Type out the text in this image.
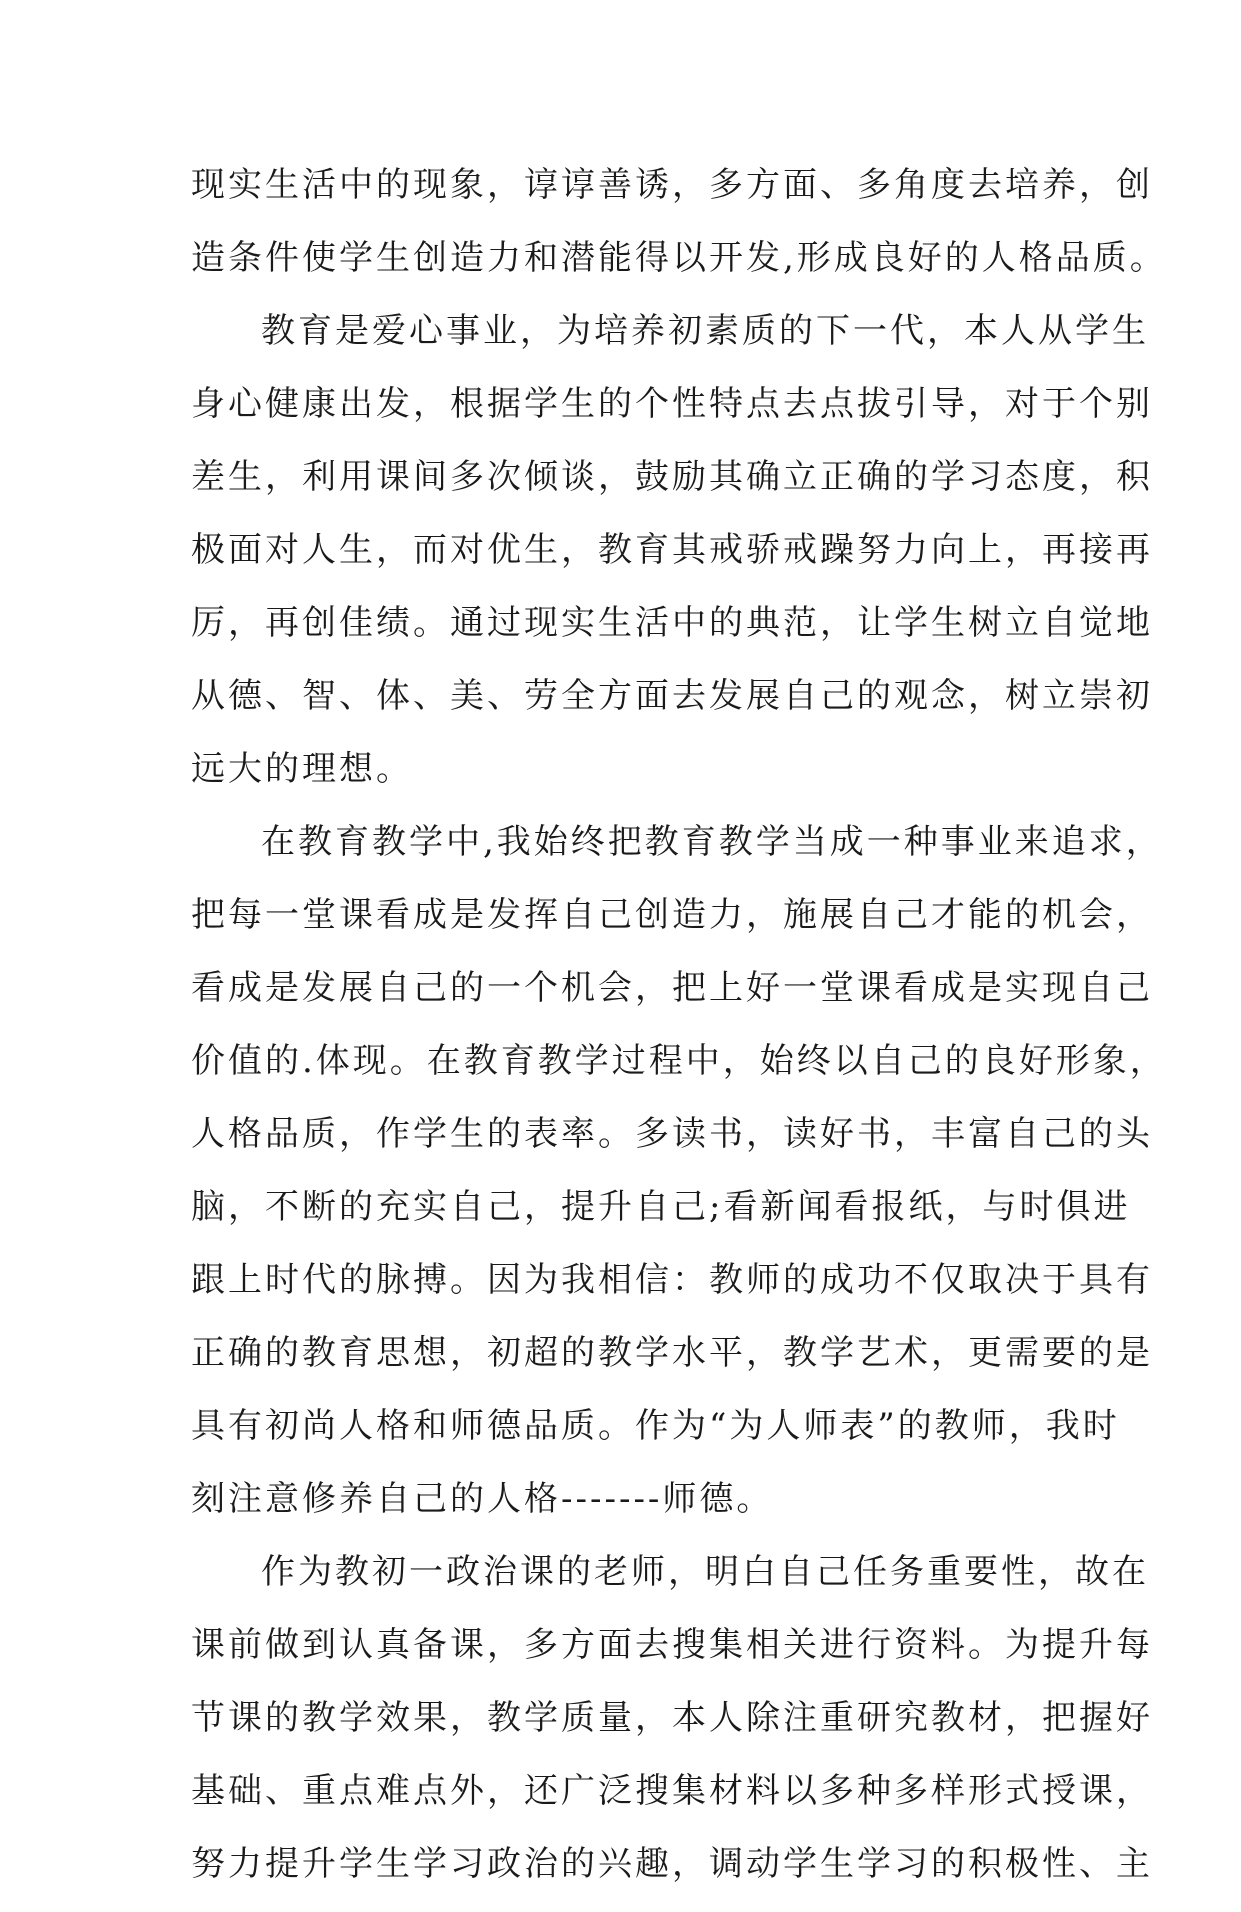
现实生活中的现象，谆谆善诱，多方面、多角度去培养，创
造条件使学生创造力和潜能得以开发,形成良好的人格品质。
教育是爱心事业，为培养初素质的下一代，本人从学生
身心健康出发，根据学生的个性特点去点拔引导，对于个别
差生，利用课间多次倾谈，鼓励其确立正确的学习态度，积
极面对人生，而对优生，教育其戒骄戒躁努力向上，再接再
厉，再创佳绩。通过现实生活中的典范，让学生树立自觉地
从德、智、体、美、劳全方面去发展自己的观念，树立崇初
远大的理想。
在教育教学中,我始终把教育教学当成一种事业来追求，
把每一堂课看成是发挥自己创造力，施展自己才能的机会，
看成是发展自己的一个机会，把上好一堂课看成是实现自己
价值的.体现。在教育教学过程中，始终以自己的良好形象，
人格品质，作学生的表率。多读书，读好书，丰富自己的头
脑，不断的充实自己，提升自己;看新闻看报纸，与时俱进
跟上时代的脉搏。因为我相信：教师的成功不仅取决于具有
正确的教育思想，初超的教学水平，教学艺术，更需要的是
具有初尚人格和师德品质。作为“为人师表”的教师，我时
刻注意修养自己的人格-------师德。
作为教初一政治课的老师，明白自己任务重要性，故在
课前做到认真备课，多方面去搜集相关进行资料。为提升每
节课的教学效果，教学质量，本人除注重研究教材，把握好
基础、重点难点外，还广泛搜集材料以多种多样形式授课，
努力提升学生学习政治的兴趣，调动学生学习的积极性、主
